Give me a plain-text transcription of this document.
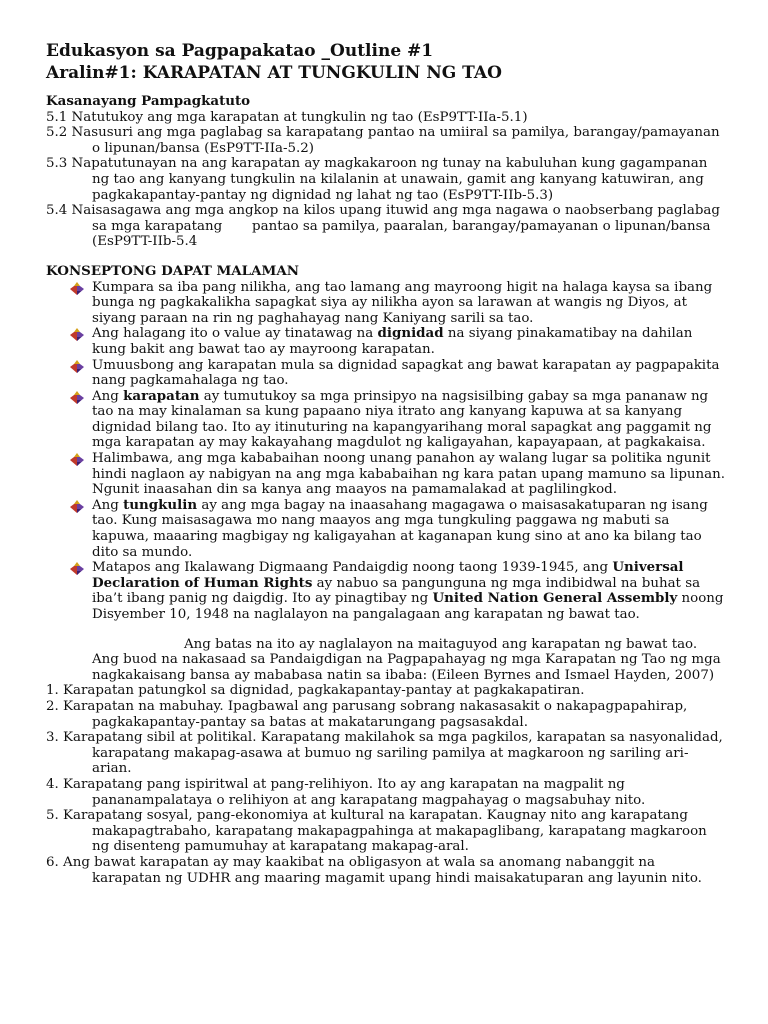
Edukasyon sa Pagpapakatao _Outline #1
Aralin#1: KARAPATAN AT TUNGKULIN NG TAO

Kasanayang Pampagkatuto

5.1 Natutukoy ang mga karapatan at tungkulin ng tao (EsP9TT-IIa-5.1)

5.2 Nasusuri ang mga paglabag sa karapatang pantao na umiiral sa pamilya, barangay/pamayanan o lipunan/bansa (EsP9TT-IIa-5.2)

5.3 Napatutunayan na ang karapatan ay magkakaroon ng tunay na kabuluhan kung gagampanan ng tao ang kanyang tungkulin na kilalanin at unawain, gamit ang kanyang katuwiran, ang pagkakapantay-pantay ng dignidad ng lahat ng tao (EsP9TT-IIb-5.3)

5.4 Naisasagawa ang mga angkop na kilos upang ituwid ang mga nagawa o naobserbang paglabag sa mga karapatang       pantao sa pamilya, paaralan, barangay/pamayanan o lipunan/bansa (EsP9TT-IIb-5.4

KONSEPTONG DAPAT MALAMAN

Kumpara sa iba pang nilikha, ang tao lamang ang mayroong higit na halaga kaysa sa ibang bunga ng pagkakalikha sapagkat siya ay nilikha ayon sa larawan at wangis ng Diyos, at siyang paraan na rin ng paghahayag nang Kaniyang sarili sa tao.
Ang halagang ito o value ay tinatawag na dignidad na siyang pinakamatibay na dahilan kung bakit ang bawat tao ay mayroong karapatan.
Umuusbong ang karapatan mula sa dignidad sapagkat ang bawat karapatan ay pagpapakita nang pagkamahalaga ng tao.
Ang karapatan ay tumutukoy sa mga prinsipyo na nagsisilbing gabay sa mga pananaw ng tao na may kinalaman sa kung papaano niya itrato ang kanyang kapuwa at sa kanyang dignidad bilang tao. Ito ay itinuturing na kapangyarihang moral sapagkat ang paggamit ng mga karapatan ay may kakayahang magdulot ng kaligayahan, kapayapaan, at pagkakaisa.
Halimbawa, ang mga kababaihan noong unang panahon ay walang lugar sa politika ngunit hindi naglaon ay nabigyan na ang mga kababaihan ng kara patan upang mamuno sa lipunan. Ngunit inaasahan din sa kanya ang maayos na pamamalakad at paglilingkod.
Ang tungkulin ay ang mga bagay na inaasahang magagawa o maisasakatuparan ng isang tao. Kung maisasagawa mo nang maayos ang mga tungkuling paggawa ng mabuti sa kapuwa, maaaring magbigay ng kaligayahan at kaganapan kung sino at ano ka bilang tao dito sa mundo.
Matapos ang Ikalawang Digmaang Pandaigdig noong taong 1939-1945, ang Universal Declaration of Human Rights ay nabuo sa pangunguna ng mga indibidwal na buhat sa iba’t ibang panig ng daigdig. Ito ay pinagtibay ng United Nation General Assembly noong Disyember 10, 1948 na naglalayon na pangalagaan ang karapatan ng bawat tao.

Ang batas na ito ay naglalayon na maitaguyod ang karapatan ng bawat tao. Ang buod na nakasaad sa Pandaigdigan na Pagpapahayag ng mga Karapatan ng Tao ng mga nagkakaisang bansa ay mababasa natin sa ibaba: (Eileen Byrnes and Ismael Hayden, 2007)

1. Karapatan patungkol sa dignidad, pagkakapantay-pantay at pagkakapatiran.
2. Karapatan na mabuhay. Ipagbawal ang parusang sobrang nakasasakit o nakapagpapahirap, pagkakapantay-pantay sa batas at makatarungang pagsasakdal.
3. Karapatang sibil at politikal. Karapatang makilahok sa mga pagkilos, karapatan sa nasyonalidad, karapatang makapag-asawa at bumuo ng sariling pamilya at magkaroon ng sariling ari-arian.
4. Karapatang pang ispiritwal at pang-relihiyon. Ito ay ang karapatan na magpalit ng pananampalataya o relihiyon at ang karapatang magpahayag o magsabuhay nito.
5. Karapatang sosyal, pang-ekonomiya at kultural na karapatan. Kaugnay nito ang karapatang makapagtrabaho, karapatang makapagpahinga at makapaglibang, karapatang magkaroon ng disenteng pamumuhay at karapatang makapag-aral.
6. Ang bawat karapatan ay may kaakibat na obligasyon at wala sa anomang nabanggit na karapatan ng UDHR ang maaring magamit upang hindi maisakatuparan ang layunin nito.
